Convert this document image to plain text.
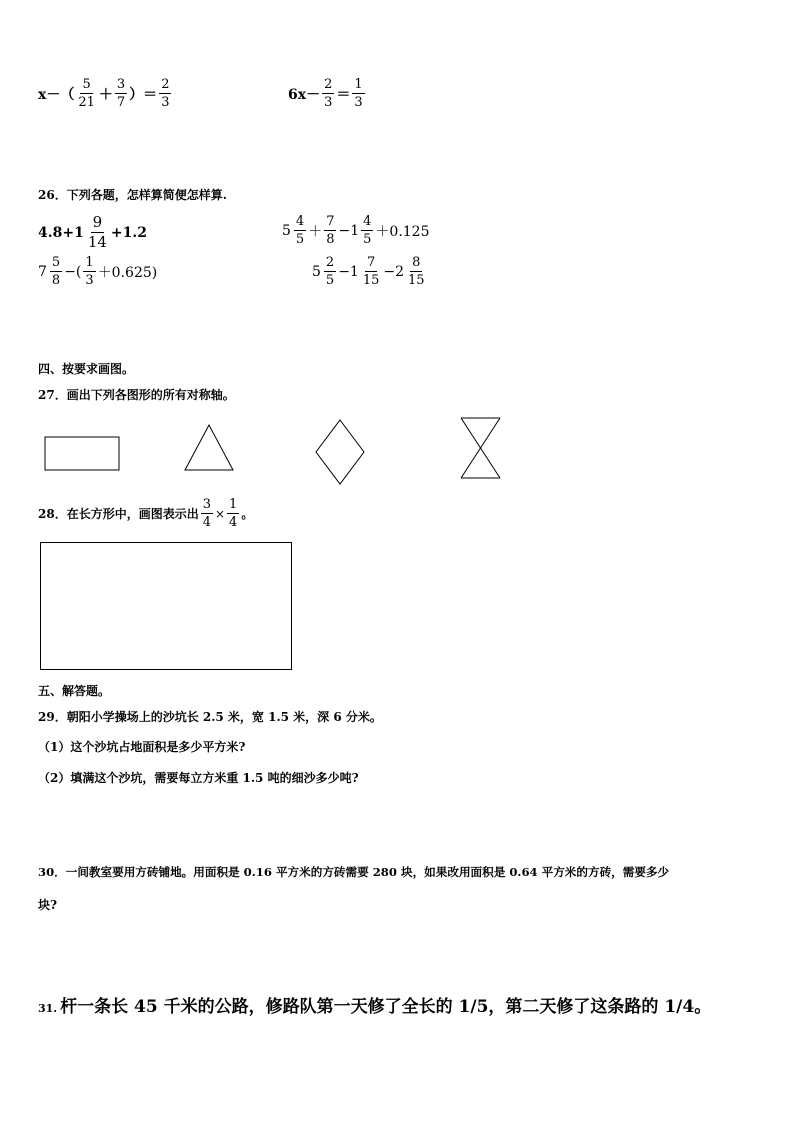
$x-( \frac{5}{21} + \frac{3}{7}$ ）＝ $\frac{2}{3}$	$6x- \frac{2}{3} = \frac{1}{3}$
26．下列各题，怎样算简便怎样算.
$4.8+1 \frac{9}{14} +1.2$	$5 \frac{4}{5} + \frac{7}{8} -1 \frac{4}{5} +0.125$
$7 \frac{5}{8}$ −( $\frac{1}{3} +0.625$)	$5 \frac{2}{5} -1 \frac{7}{15} -2 \frac{8}{15}$
四、按要求画图。
27．画出下列各图形的所有对称轴。
28．在长方形中，画图表示出 $\frac{3}{4} \times \frac{1}{4}$ 。
五、解答题。
29．朝阳小学操场上的沙坑长 2.5 米，宽 1.5 米，深 6 分米。
（1）这个沙坑占地面积是多少平方米?
（2）填满这个沙坑，需要每立方米重 1.5 吨的细沙多少吨?
30．一间教室要用方砖铺地。用面积是 0.16 平方米的方砖需要 280 块，如果改用面积是 0.64 平方米的方砖，需要多少
块?
31. 杆一条长 45 千米的公路，修路队第一天修了全长的 1/5，第二天修了这条路的 1/4。
